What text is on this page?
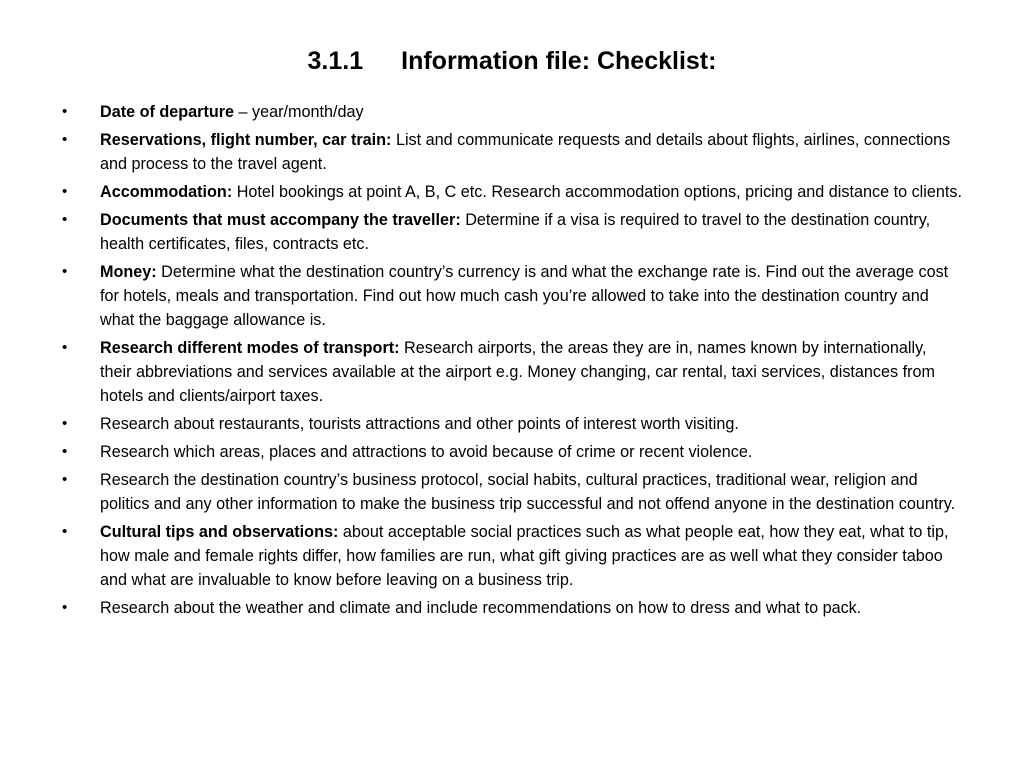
3.1.1 Information file: Checklist:
•	Date of departure – year/month/day
•	Reservations, flight number, car train: List and communicate requests and details about flights, airlines, connections and process to the travel agent.
•	Accommodation: Hotel bookings at point A, B, C etc. Research accommodation options, pricing and distance to clients.
•	Documents that must accompany the traveller: Determine if a visa is required to travel to the destination country, health certificates, files, contracts etc.
•	Money: Determine what the destination country’s currency is and what the exchange rate is. Find out the average cost for hotels, meals and transportation. Find out how much cash you’re allowed to take into the destination country and what the baggage allowance is.
•	Research different modes of transport: Research airports, the areas they are in, names known by internationally, their abbreviations and services available at the airport e.g. Money changing, car rental, taxi services, distances from hotels and clients/airport taxes.
•	Research about restaurants, tourists attractions and other points of interest worth visiting.
•	Research which areas, places and attractions to avoid because of crime or recent violence.
•	Research the destination country’s business protocol, social habits, cultural practices, traditional wear, religion and politics and any other information to make the business trip successful and not offend anyone in the destination country.
•	Cultural tips and observations: about acceptable social practices such as what people eat, how they eat, what to tip, how male and female rights differ, how families are run, what gift giving practices are as well what they consider taboo and what are invaluable to know before leaving on a business trip.
•	Research about the weather and climate and include recommendations on how to dress and what to pack.
